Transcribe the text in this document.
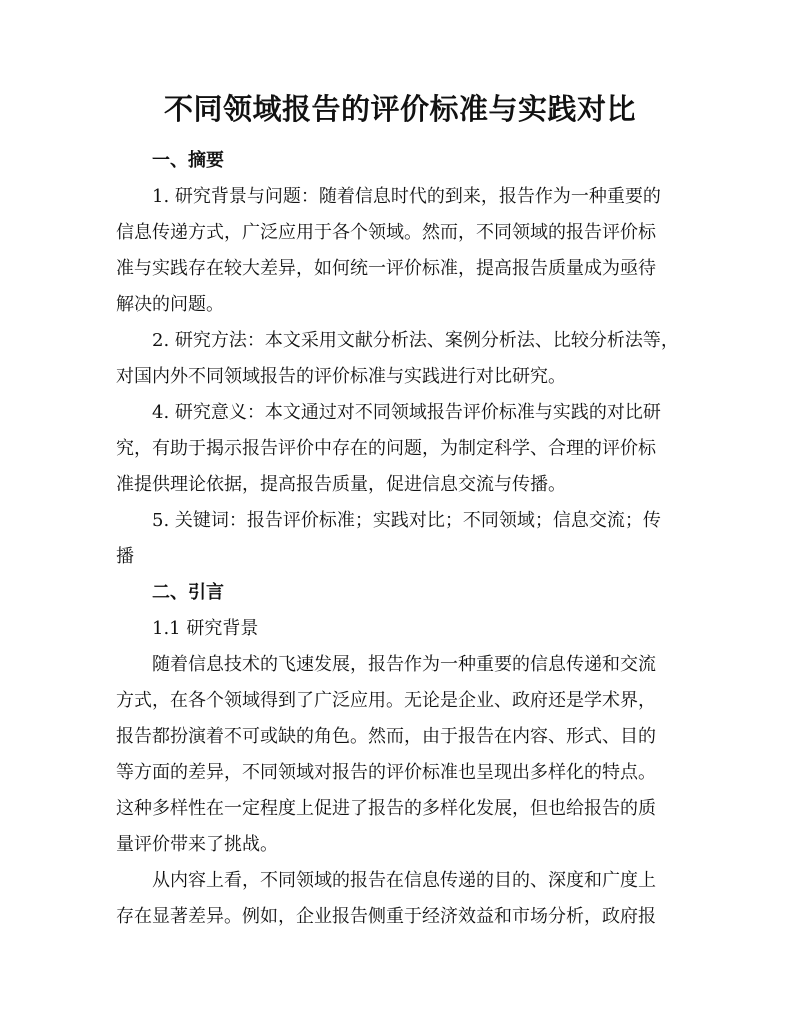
不同领域报告的评价标准与实践对比
一、摘要
1. 研究背景与问题：随着信息时代的到来，报告作为一种重要的
信息传递方式，广泛应用于各个领域。然而，不同领域的报告评价标
准与实践存在较大差异，如何统一评价标准，提高报告质量成为亟待
解决的问题。
2. 研究方法：本文采用文献分析法、案例分析法、比较分析法等，
对国内外不同领域报告的评价标准与实践进行对比研究。
4. 研究意义：本文通过对不同领域报告评价标准与实践的对比研
究，有助于揭示报告评价中存在的问题，为制定科学、合理的评价标
准提供理论依据，提高报告质量，促进信息交流与传播。
5. 关键词：报告评价标准；实践对比；不同领域；信息交流；传
播
二、引言
1.1 研究背景
随着信息技术的飞速发展，报告作为一种重要的信息传递和交流
方式，在各个领域得到了广泛应用。无论是企业、政府还是学术界，
报告都扮演着不可或缺的角色。然而，由于报告在内容、形式、目的
等方面的差异，不同领域对报告的评价标准也呈现出多样化的特点。
这种多样性在一定程度上促进了报告的多样化发展，但也给报告的质
量评价带来了挑战。
从内容上看，不同领域的报告在信息传递的目的、深度和广度上
存在显著差异。例如，企业报告侧重于经济效益和市场分析，政府报
